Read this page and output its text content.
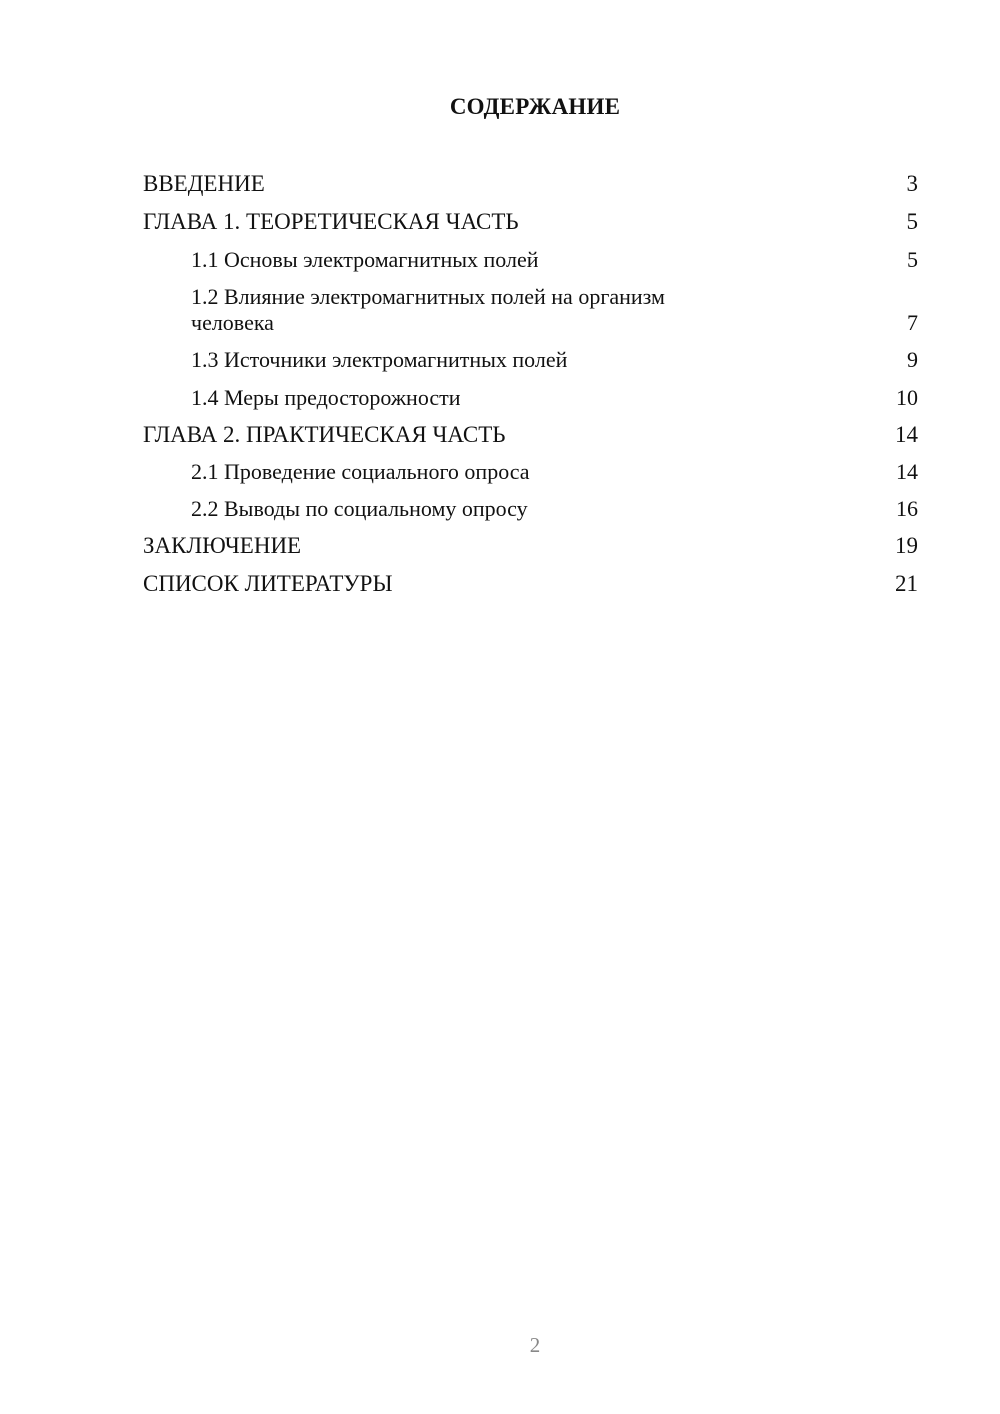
СОДЕРЖАНИЕ
ВВЕДЕНИЕ	3
ГЛАВА 1. ТЕОРЕТИЧЕСКАЯ ЧАСТЬ	5
1.1 Основы электромагнитных полей	5
1.2 Влияние электромагнитных полей на организм человека	7
1.3 Источники электромагнитных полей	9
1.4 Меры предосторожности	10
ГЛАВА 2. ПРАКТИЧЕСКАЯ ЧАСТЬ	14
2.1 Проведение социального опроса	14
2.2 Выводы по социальному опросу	16
ЗАКЛЮЧЕНИЕ	19
СПИСОК ЛИТЕРАТУРЫ	21
2
